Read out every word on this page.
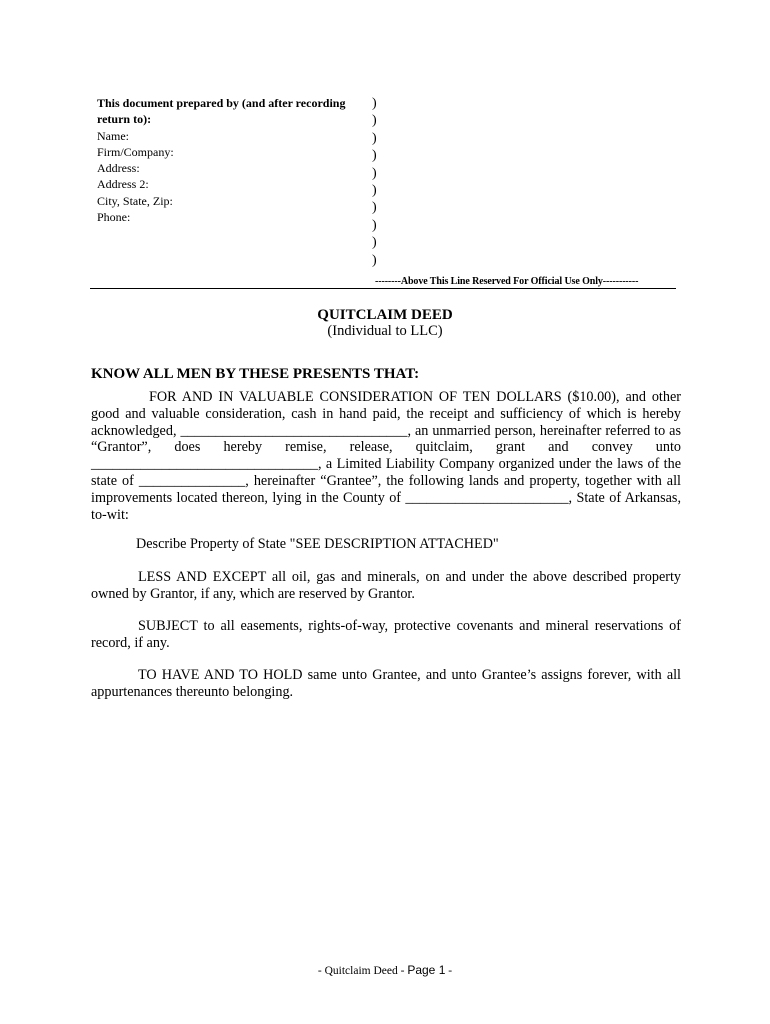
This document prepared by (and after recording
return to):
Name:
Firm/Company:
Address:
Address 2:
City, State, Zip:
Phone:
)
)
)
)
)
)
)
)
)
)
--------Above This Line Reserved For Official Use Only-----------
QUITCLAIM DEED
(Individual to LLC)
KNOW ALL MEN BY THESE PRESENTS THAT:
FOR AND IN VALUABLE CONSIDERATION OF TEN DOLLARS ($10.00), and other good and valuable consideration, cash in hand paid, the receipt and sufficiency of which is hereby acknowledged, ________________________________, an unmarried person, hereinafter referred to as “Grantor”, does hereby remise, release, quitclaim, grant and convey unto ________________________________, a Limited Liability Company organized under the laws of the state of _______________, hereinafter “Grantee”, the following lands and property, together with all improvements located thereon, lying in the County of _______________________, State of Arkansas, to-wit:
Describe Property of State "SEE DESCRIPTION ATTACHED"
LESS AND EXCEPT all oil, gas and minerals, on and under the above described property owned by Grantor, if any, which are reserved by Grantor.
SUBJECT to all easements, rights-of-way, protective covenants and mineral reservations of record, if any.
TO HAVE AND TO HOLD same unto Grantee, and unto Grantee’s assigns forever, with all appurtenances thereunto belonging.
- Quitclaim Deed - Page 1 -
